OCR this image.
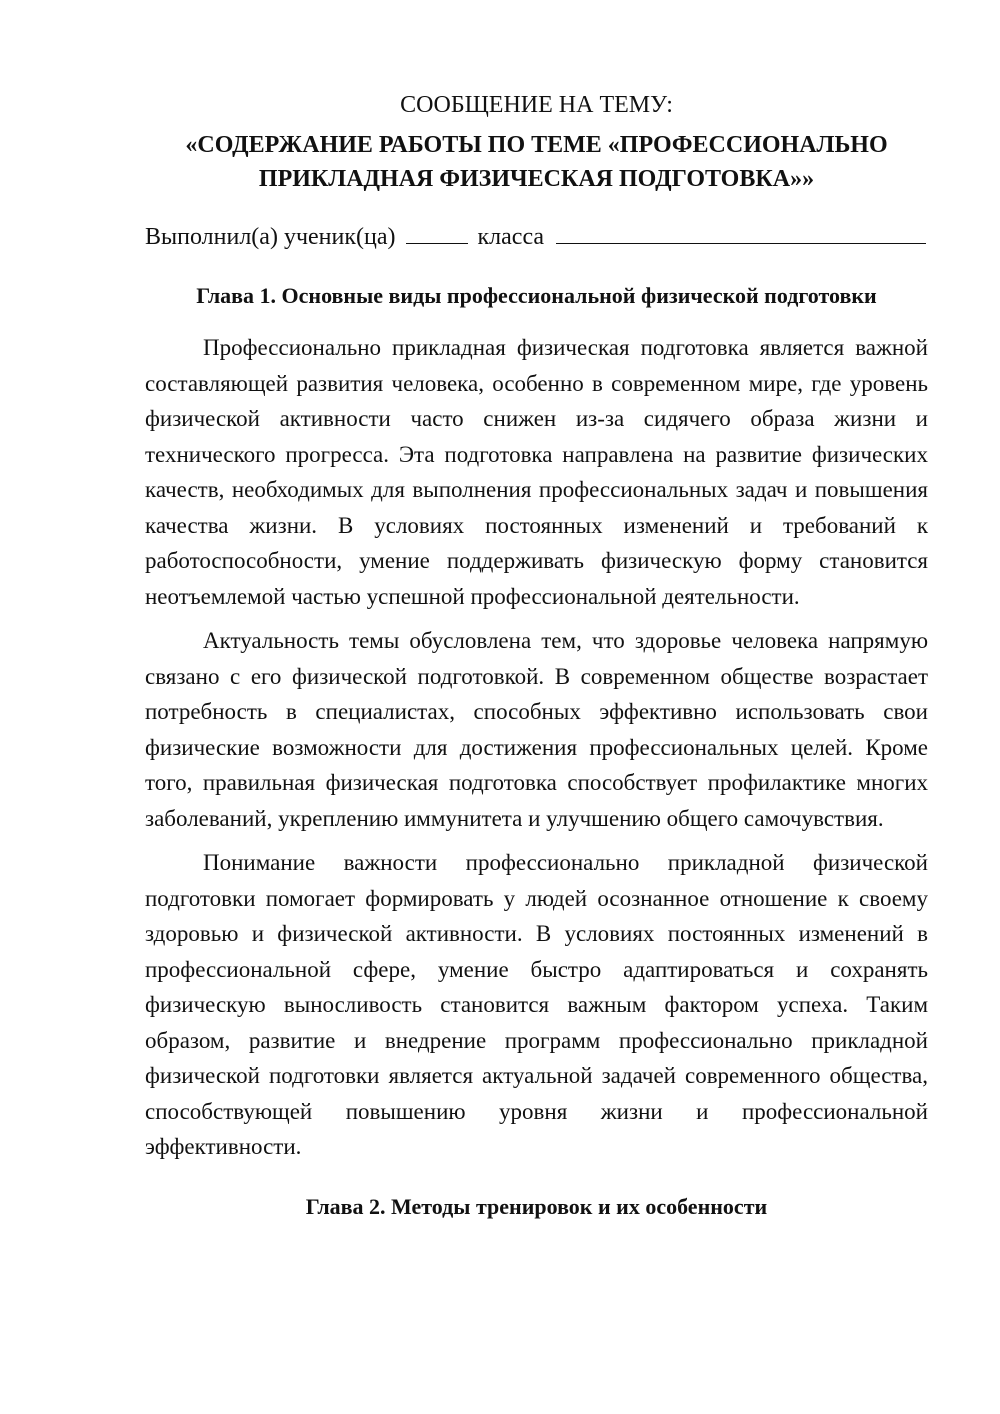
СООБЩЕНИЕ НА ТЕМУ:

«СОДЕРЖАНИЕ РАБОТЫ ПО ТЕМЕ «ПРОФЕССИОНАЛЬНО
ПРИКЛАДНАЯ ФИЗИЧЕСКАЯ ПОДГОТОВКА»»

Выполнил(а) ученик(ца)	класса
Глава 1. Основные виды профессиональной физической подготовки

Профессионально прикладная физическая подготовка является важной составляющей развития человека, особенно в современном мире, где уровень физической активности часто снижен из-за сидячего образа жизни и технического прогресса. Эта подготовка направлена на развитие физических качеств, необходимых для выполнения профессиональных задач и повышения качества жизни. В условиях постоянных изменений и требований к работоспособности, умение поддерживать физическую форму становится неотъемлемой частью успешной профессиональной деятельности.

Актуальность темы обусловлена тем, что здоровье человека напрямую связано с его физической подготовкой. В современном обществе возрастает потребность в специалистах, способных эффективно использовать свои физические возможности для достижения профессиональных целей. Кроме того, правильная физическая подготовка способствует профилактике многих заболеваний, укреплению иммунитета и улучшению общего самочувствия.

Понимание важности профессионально прикладной физической подготовки помогает формировать у людей осознанное отношение к своему здоровью и физической активности. В условиях постоянных изменений в профессиональной сфере, умение быстро адаптироваться и сохранять физическую выносливость становится важным фактором успеха. Таким образом, развитие и внедрение программ профессионально прикладной физической подготовки является актуальной задачей современного общества, способствующей повышению уровня жизни и профессиональной эффективности.

Глава 2. Методы тренировок и их особенности
